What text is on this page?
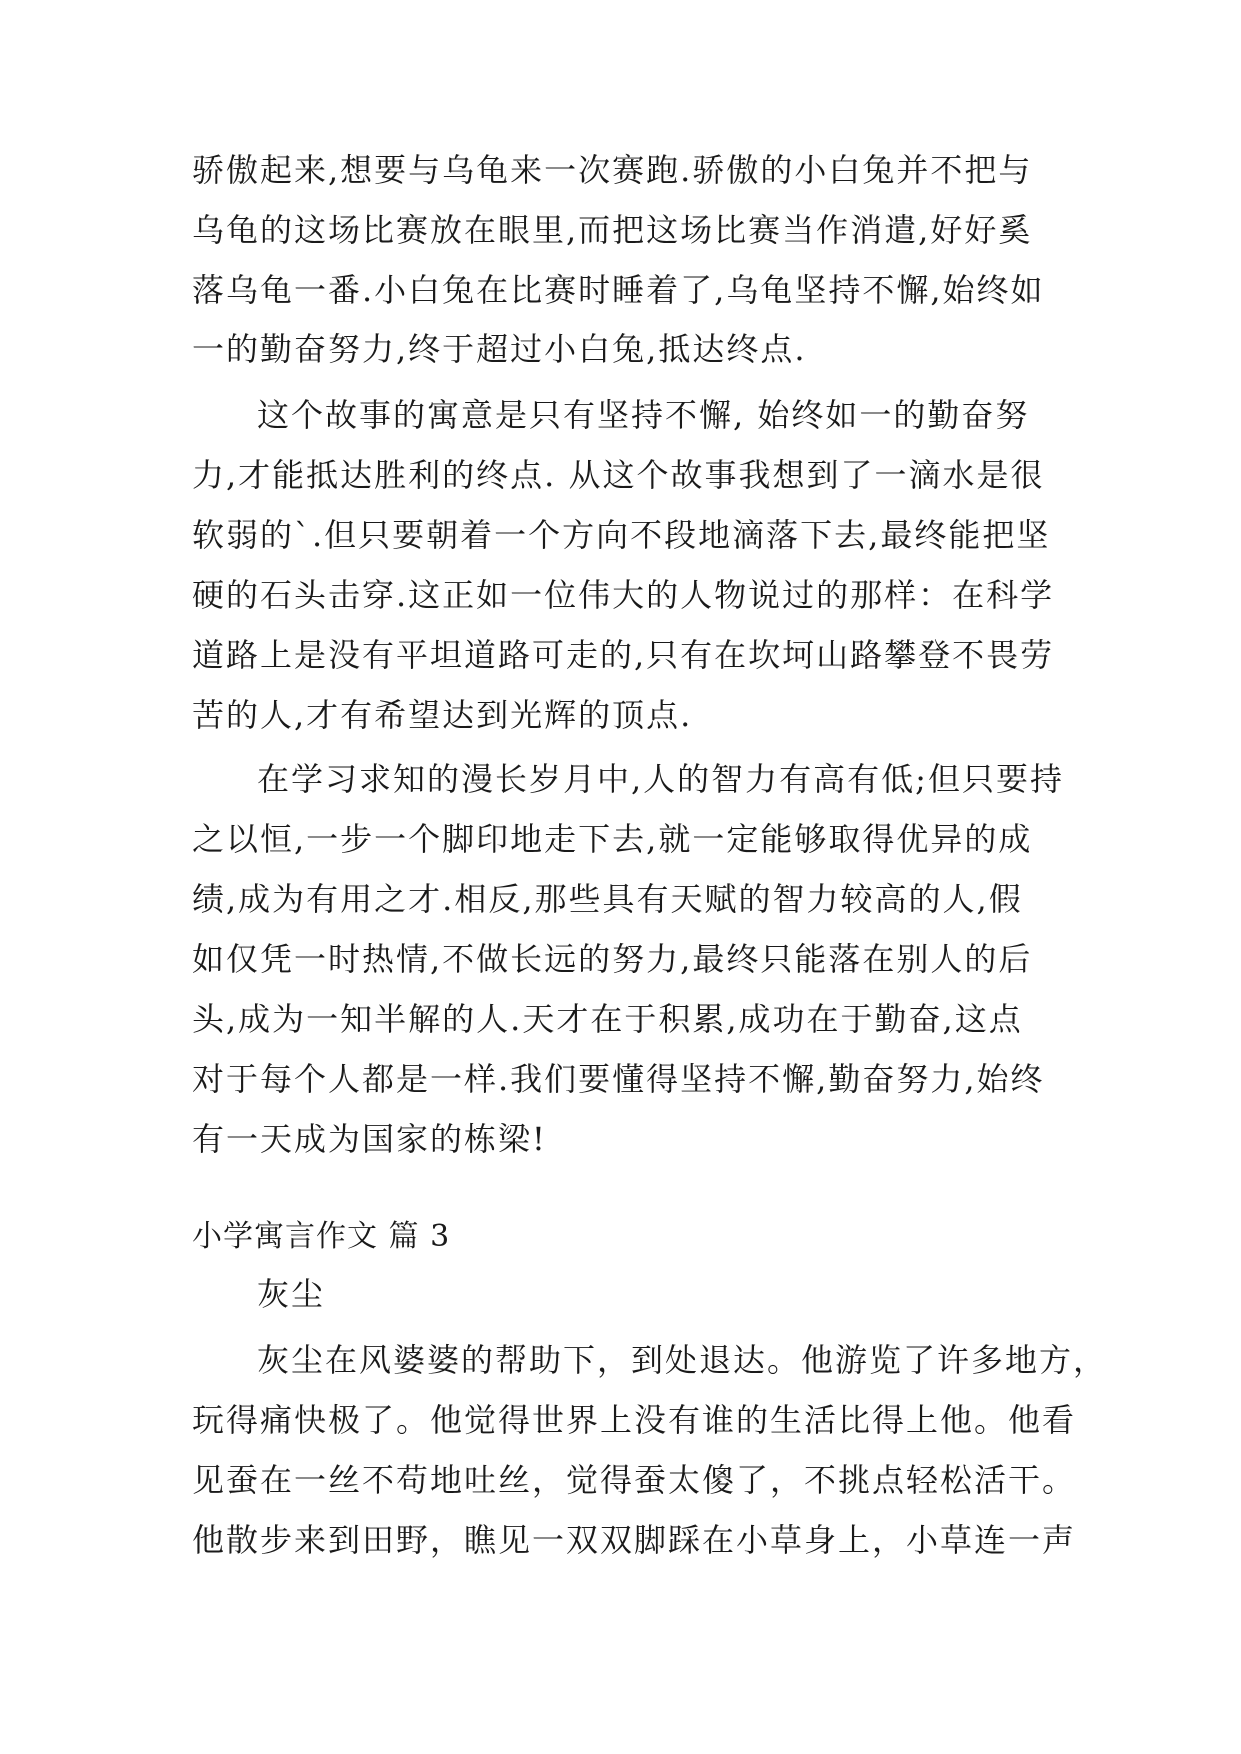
骄傲起来,想要与乌龟来一次赛跑.骄傲的小白兔并不把与
乌龟的这场比赛放在眼里,而把这场比赛当作消遣,好好奚
落乌龟一番.小白兔在比赛时睡着了,乌龟坚持不懈,始终如
一的勤奋努力,终于超过小白兔,抵达终点.
这个故事的寓意是只有坚持不懈, 始终如一的勤奋努
力,才能抵达胜利的终点. 从这个故事我想到了一滴水是很
软弱的`.但只要朝着一个方向不段地滴落下去,最终能把坚
硬的石头击穿.这正如一位伟大的人物说过的那样：在科学
道路上是没有平坦道路可走的,只有在坎坷山路攀登不畏劳
苦的人,才有希望达到光辉的顶点.
在学习求知的漫长岁月中,人的智力有高有低;但只要持
之以恒,一步一个脚印地走下去,就一定能够取得优异的成
绩,成为有用之才.相反,那些具有天赋的智力较高的人,假
如仅凭一时热情,不做长远的努力,最终只能落在别人的后
头,成为一知半解的人.天才在于积累,成功在于勤奋,这点
对于每个人都是一样.我们要懂得坚持不懈,勤奋努力,始终
有一天成为国家的栋梁!
小学寓言作文 篇 3
灰尘
灰尘在风婆婆的帮助下，到处退达。他游览了许多地方，
玩得痛快极了。他觉得世界上没有谁的生活比得上他。他看
见蚕在一丝不苟地吐丝，觉得蚕太傻了，不挑点轻松活干。
他散步来到田野，瞧见一双双脚踩在小草身上，小草连一声
